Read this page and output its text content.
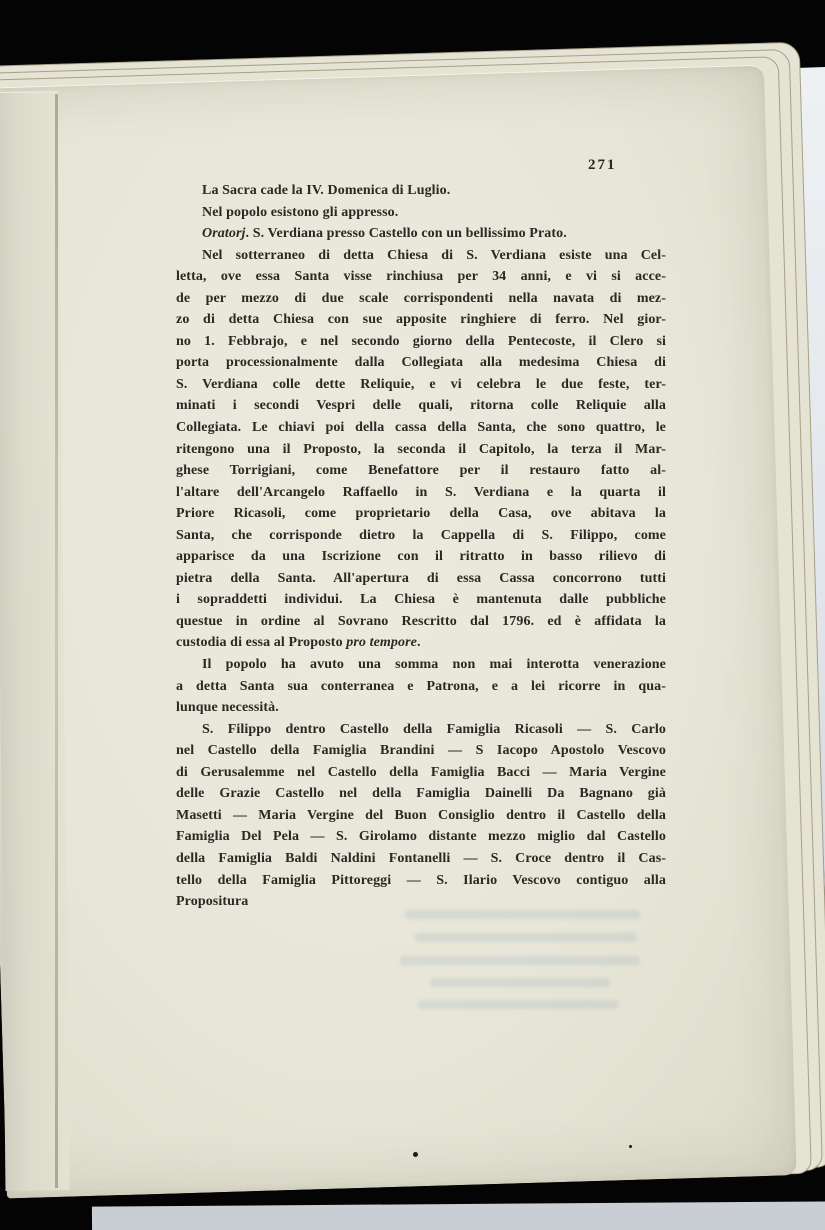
271
La Sacra cade la IV. Domenica di Luglio.
Nel popolo esistono gli appresso.
Oratorj. S. Verdiana presso Castello con un bellissimo Prato.
Nel sotterraneo di detta Chiesa di S. Verdiana esiste una Cel-
letta, ove essa Santa visse rinchiusa per 34 anni, e vi si acce-
de per mezzo di due scale corrispondenti nella navata di mez-
zo di detta Chiesa con sue apposite ringhiere di ferro. Nel gior-
no 1. Febbrajo, e nel secondo giorno della Pentecoste, il Clero si
porta processionalmente dalla Collegiata alla medesima Chiesa di
S. Verdiana colle dette Reliquie, e vi celebra le due feste, ter-
minati i secondi Vespri delle quali, ritorna colle Reliquie alla
Collegiata. Le chiavi poi della cassa della Santa, che sono quattro, le
ritengono una il Proposto, la seconda il Capitolo, la terza il Mar-
ghese Torrigiani, come Benefattore per il restauro fatto al-
l'altare dell'Arcangelo Raffaello in S. Verdiana e la quarta il
Priore Ricasoli, come proprietario della Casa, ove abitava la
Santa, che corrisponde dietro la Cappella di S. Filippo, come
apparisce da una Iscrizione con il ritratto in basso rilievo di
pietra della Santa. All'apertura di essa Cassa concorrono tutti
i sopraddetti individui. La Chiesa è mantenuta dalle pubbliche
questue in ordine al Sovrano Rescritto dal 1796. ed è affidata la
custodia di essa al Proposto pro tempore.
Il popolo ha avuto una somma non mai interotta venerazione
a detta Santa sua conterranea e Patrona, e a lei ricorre in qua-
lunque necessità.
S. Filippo dentro Castello della Famiglia Ricasoli — S. Carlo
nel Castello della Famiglia Brandini — S Iacopo Apostolo Vescovo
di Gerusalemme nel Castello della Famiglia Bacci — Maria Vergine
delle Grazie Castello nel della Famiglia Dainelli Da Bagnano già
Masetti — Maria Vergine del Buon Consiglio dentro il Castello della
Famiglia Del Pela — S. Girolamo distante mezzo miglio dal Castello
della Famiglia Baldi Naldini Fontanelli — S. Croce dentro il Cas-
tello della Famiglia Pittoreggi — S. Ilario Vescovo contiguo alla
Propositura
